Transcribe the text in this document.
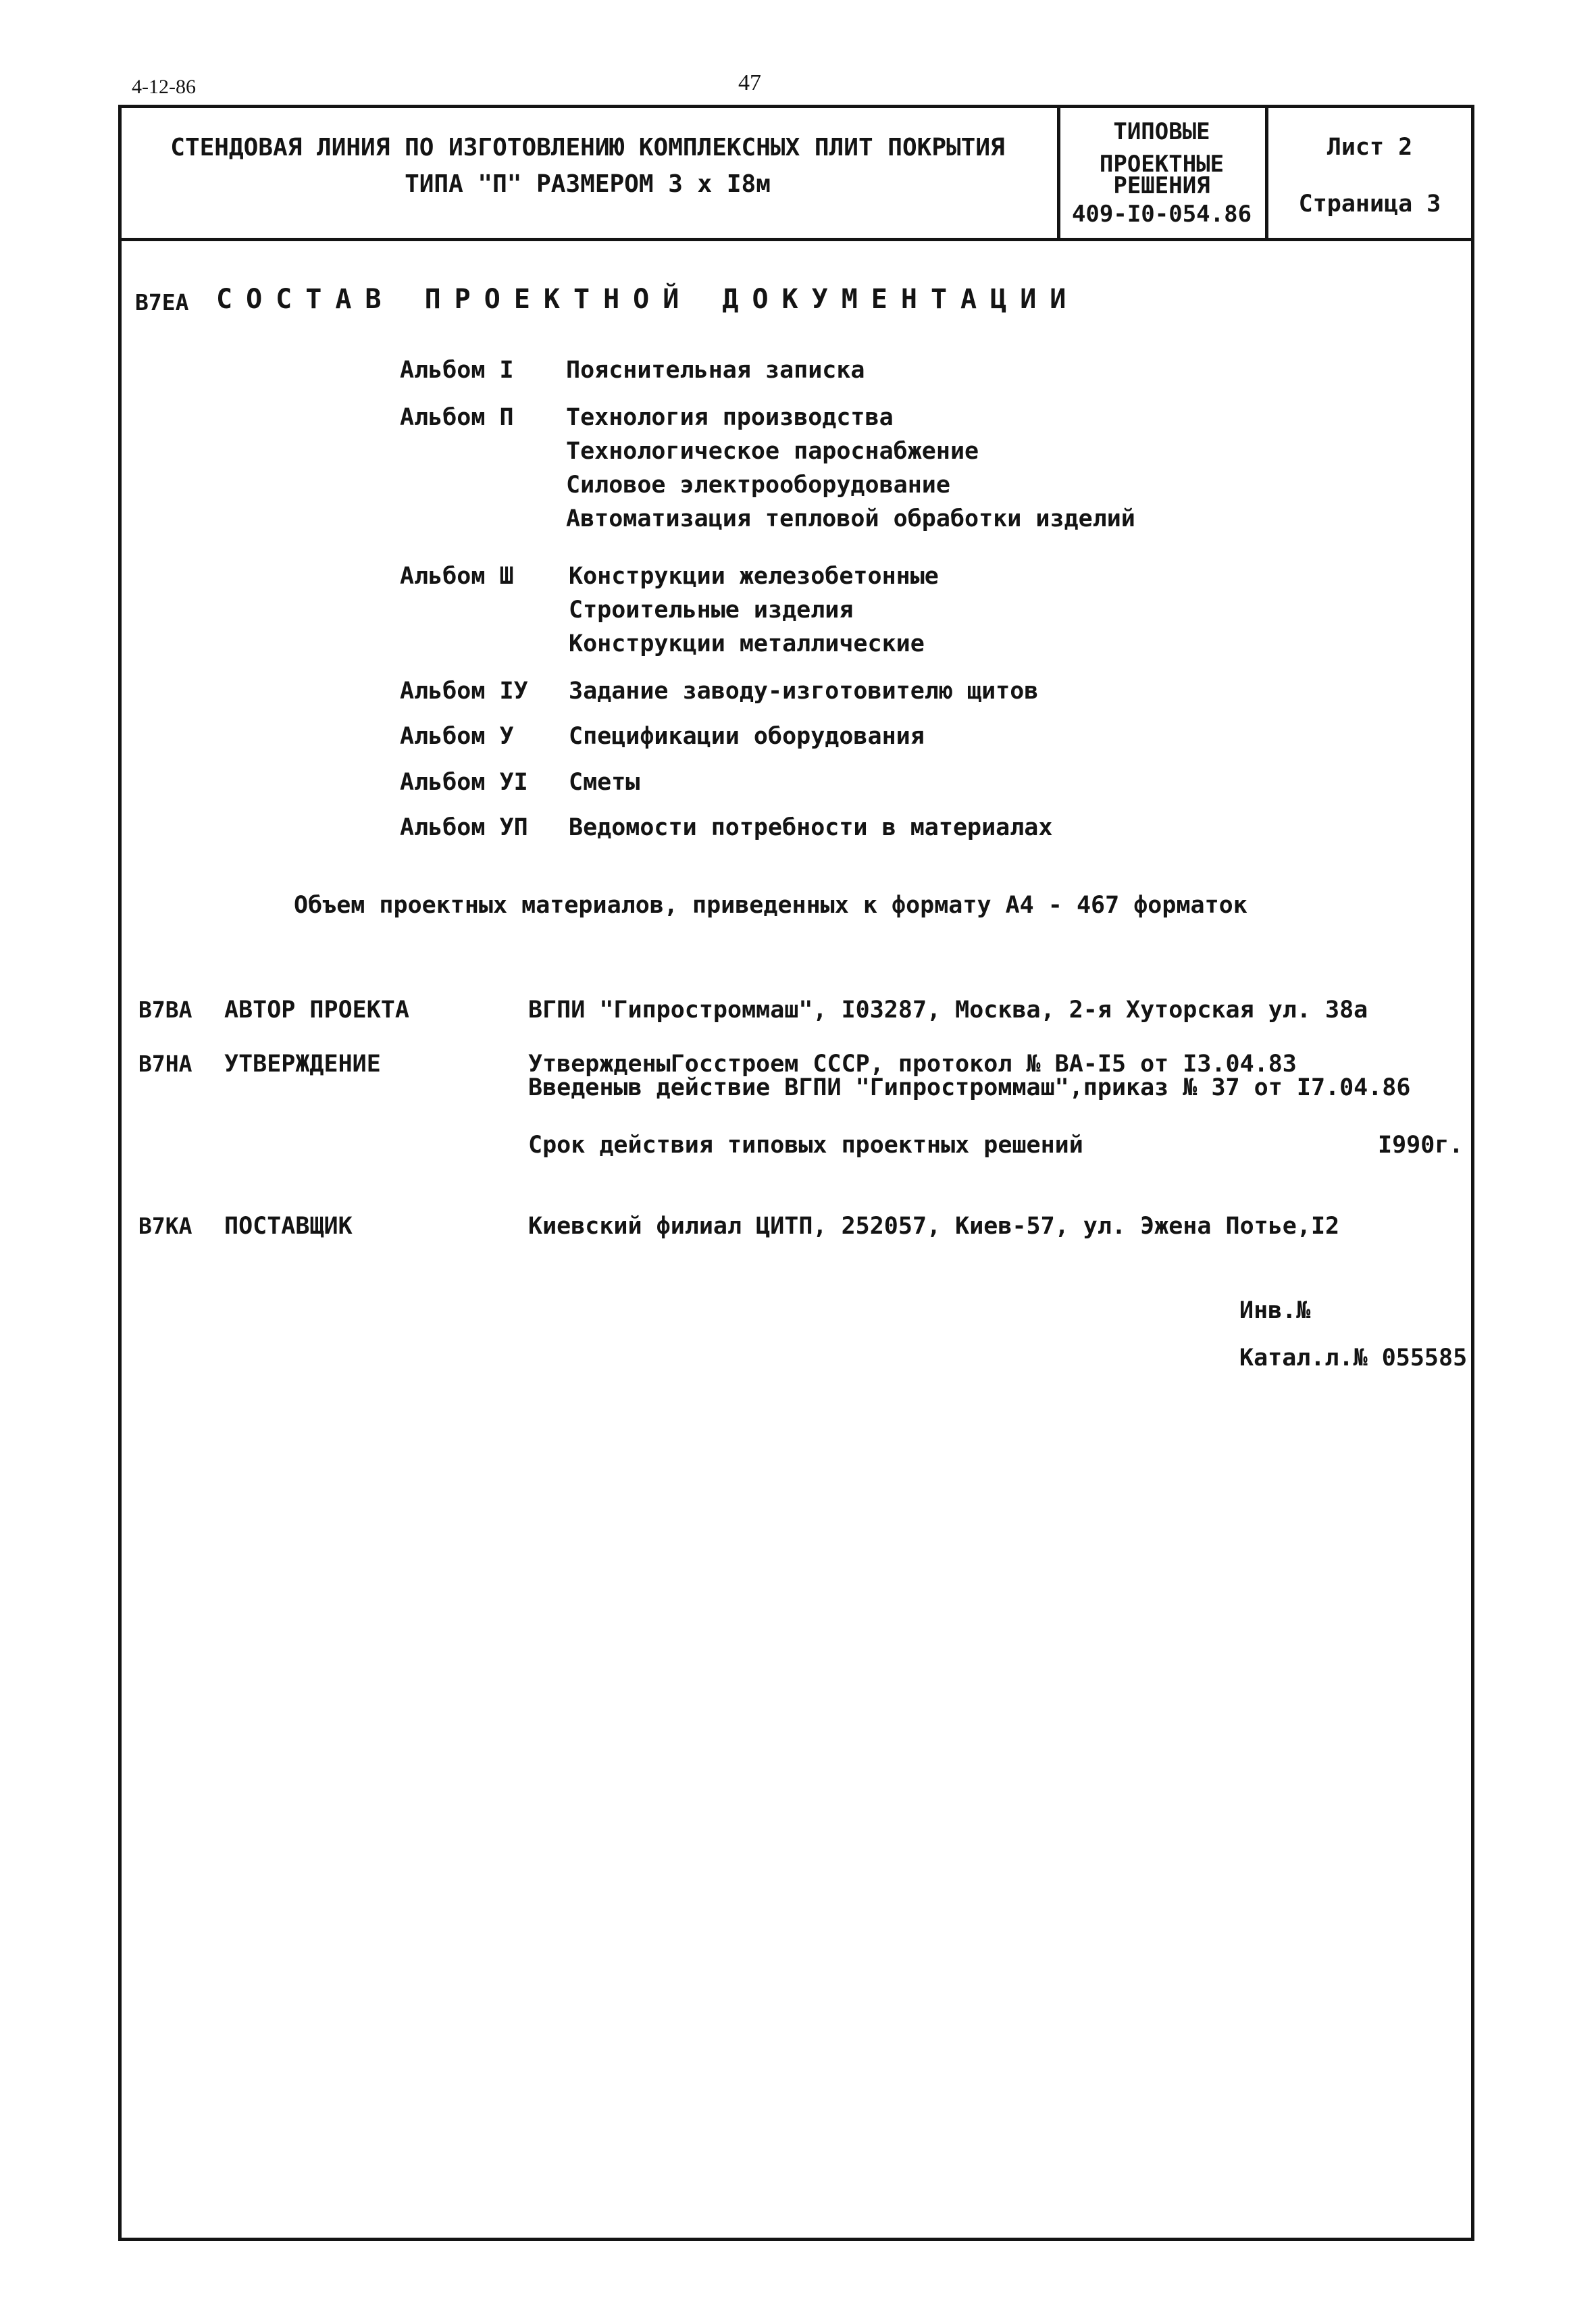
4-12-86	47
СТЕНДОВАЯ ЛИНИЯ ПО ИЗГОТОВЛЕНИЮ КОМПЛЕКСНЫХ ПЛИТ ПОКРЫТИЯ
ТИПА "П" РАЗМЕРОМ 3 х I8м
ТИПОВЫЕ
ПРОЕКТНЫЕ
РЕШЕНИЯ
409-I0-054.86
Лист 2
Страница 3
В7ЕА СОСТАВ ПРОЕКТНОЙ ДОКУМЕНТАЦИИ
Альбом I Пояснительная записка
Альбом П Технология производства
Технологическое пароснабжение
Силовое электрооборудование
Автоматизация тепловой обработки изделий
Альбом Ш Конструкции железобетонные
Строительные изделия
Конструкции металлические
Альбом IУ Задание заводу-изготовителю щитов
Альбом У Спецификации оборудования
Альбом УI Сметы
Альбом УП Ведомости потребности в материалах
Объем проектных материалов, приведенных к формату А4 - 467 форматок
В7ВА АВТОР ПРОЕКТА	ВГПИ "Гипростроммаш", I03287, Москва, 2-я Хуторская ул. 38а
В7НА УТВЕРЖДЕНИЕ	УтвержденыГосстроем СССР, протокол № ВА-I5 от I3.04.83
Введеныв действие ВГПИ "Гипростроммаш",приказ № 37 от I7.04.86
Срок действия типовых проектных решений	I990г.
В7КА ПОСТАВЩИК	Киевский филиал ЦИТП, 252057, Киев-57, ул. Эжена Потье,I2
Инв.№
Катал.л.№ 055585
